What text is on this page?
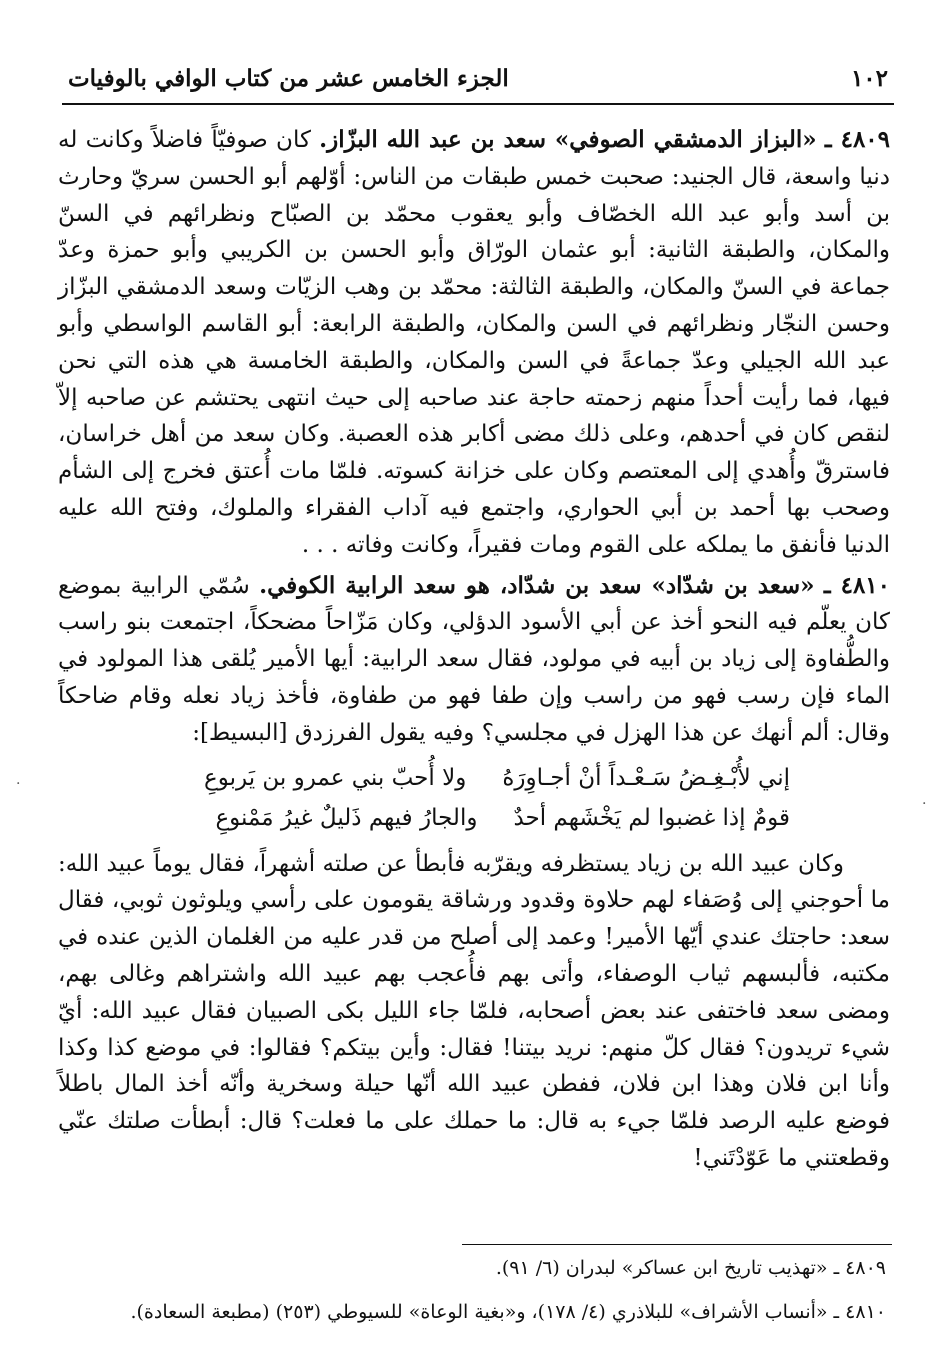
١٠٢
الجزء الخامس عشر من كتاب الوافي بالوفيات

٤٨٠٩ ـ «البزاز الدمشقي الصوفي» سعد بن عبد الله البزّاز. كان صوفيّاً فاضلاً وكانت له دنيا واسعة، قال الجنيد: صحبت خمس طبقات من الناس: أوّلهم أبو الحسن سريّ وحارث بن أسد وأبو عبد الله الخصّاف وأبو يعقوب محمّد بن الصبّاح ونظرائهم في السنّ والمكان، والطبقة الثانية: أبو عثمان الورّاق وأبو الحسن بن الكريبي وأبو حمزة وعدّ جماعة في السنّ والمكان، والطبقة الثالثة: محمّد بن وهب الزيّات وسعد الدمشقي البزّاز وحسن النجّار ونظرائهم في السن والمكان، والطبقة الرابعة: أبو القاسم الواسطي وأبو عبد الله الجيلي وعدّ جماعةً في السن والمكان، والطبقة الخامسة هي هذه التي نحن فيها، فما رأيت أحداً منهم زحمته حاجة عند صاحبه إلى حيث انتهى يحتشم عن صاحبه إلاّ لنقص كان في أحدهم، وعلى ذلك مضى أكابر هذه العصبة. وكان سعد من أهل خراسان، فاسترقّ وأُهدي إلى المعتصم وكان على خزانة كسوته. فلمّا مات أُعتق فخرج إلى الشأم وصحب بها أحمد بن أبي الحواري، واجتمع فيه آداب الفقراء والملوك، وفتح الله عليه الدنيا فأنفق ما يملكه على القوم ومات فقيراً، وكانت وفاته . . .

٤٨١٠ ـ «سعد بن شدّاد» سعد بن شدّاد، هو سعد الرابية الكوفي. سُمّي الرابية بموضع كان يعلّم فيه النحو أخذ عن أبي الأسود الدؤلي، وكان مَزّاحاً مضحكاً، اجتمعت بنو راسب والطُّفاوة إلى زياد بن أبيه في مولود، فقال سعد الرابية: أيها الأمير يُلقى هذا المولود في الماء فإن رسب فهو من راسب وإن طفا فهو من طفاوة، فأخذ زياد نعله وقام ضاحكاً وقال: ألم أنهك عن هذا الهزل في مجلسي؟ وفيه يقول الفرزدق [البسيط]:

إني لأُبْـغِـضُ سَـعْـداً أنْ أجـاوِرَهُ
ولا أُحبّ بني عمرو بن يَربوعِ
قومٌ إذا غضبوا لم يَخْشَهم أحدٌ
والجارُ فيهم ذَليلٌ غيرُ مَمْنوعِ

وكان عبيد الله بن زياد يستظرفه ويقرّبه فأبطأ عن صلته أشهراً، فقال يوماً عبيد الله: ما أحوجني إلى وُصَفاء لهم حلاوة وقدود ورشاقة يقومون على رأسي ويلوثون ثوبي، فقال سعد: حاجتك عندي أيّها الأمير! وعمد إلى أصلح من قدر عليه من الغلمان الذين عنده في مكتبه، فألبسهم ثياب الوصفاء، وأتى بهم فأُعجب بهم عبيد الله واشتراهم وغالى بهم، ومضى سعد فاختفى عند بعض أصحابه، فلمّا جاء الليل بكى الصبيان فقال عبيد الله: أيّ شيء تريدون؟ فقال كلّ منهم: نريد بيتنا! فقال: وأين بيتكم؟ فقالوا: في موضع كذا وكذا وأنا ابن فلان وهذا ابن فلان، ففطن عبيد الله أنّها حيلة وسخرية وأنّه أخذ المال باطلاً فوضع عليه الرصد فلمّا جيء به قال: ما حملك على ما فعلت؟ قال: أبطأت صلتك عنّي وقطعتني ما عَوّدْتَني!

٤٨٠٩ ـ «تهذيب تاريخ ابن عساكر» لبدران (٦/ ٩١).

٤٨١٠ ـ «أنساب الأشراف» للبلاذري (٤/ ١٧٨)، و«بغية الوعاة» للسيوطي (٢٥٣) (مطبعة السعادة).

.
.
